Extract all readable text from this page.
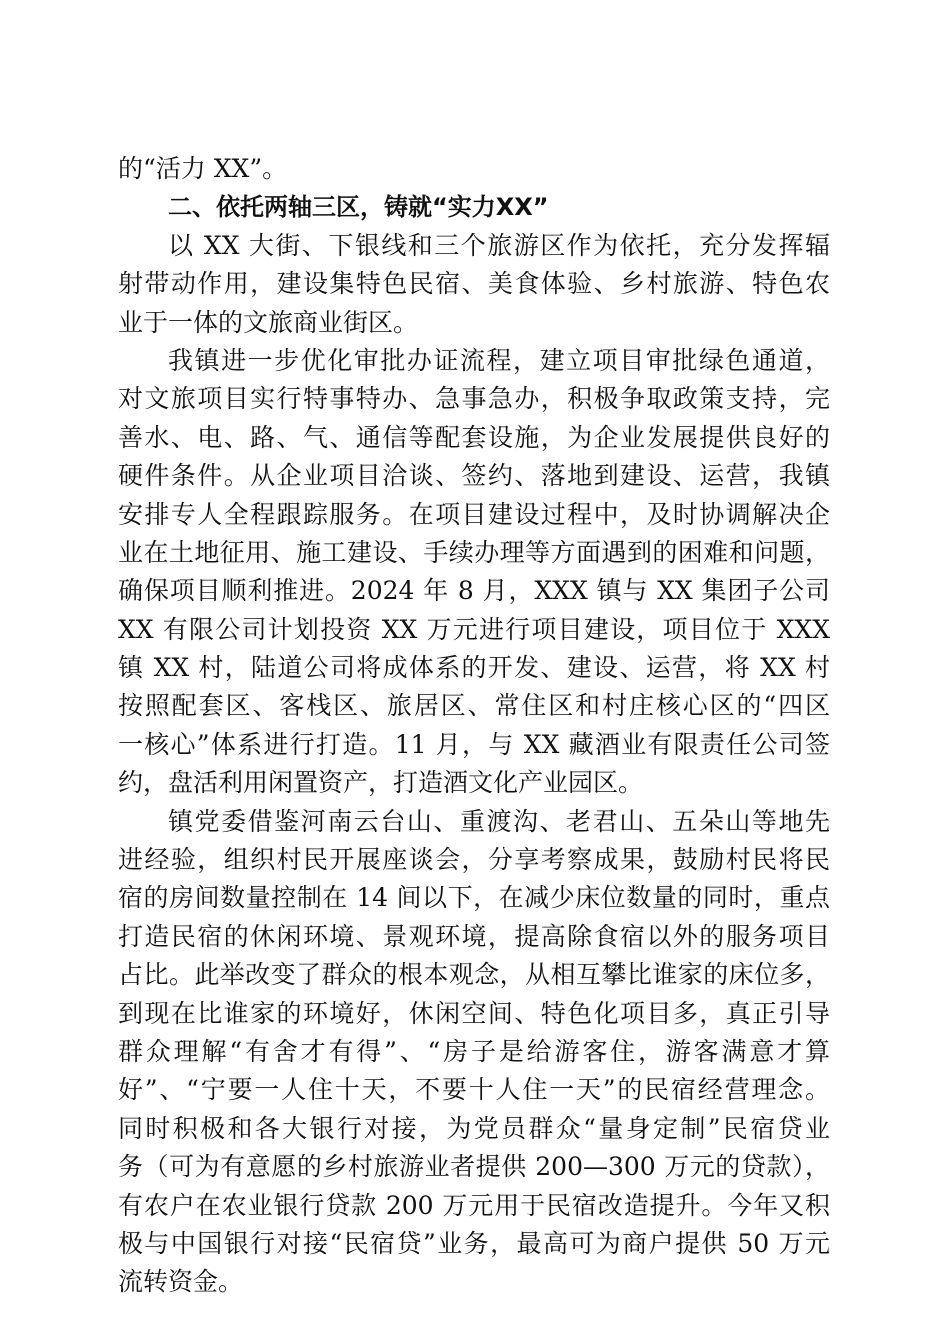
的“活力 XX”。
二、依托两轴三区，铸就“实力XX”
以 XX 大街、下银线和三个旅游区作为依托，充分发挥辐
射带动作用，建设集特色民宿、美食体验、乡村旅游、特色农
业于一体的文旅商业街区。
我镇进一步优化审批办证流程，建立项目审批绿色通道，
对文旅项目实行特事特办、急事急办，积极争取政策支持，完
善水、电、路、气、通信等配套设施，为企业发展提供良好的
硬件条件。从企业项目洽谈、签约、落地到建设、运营，我镇
安排专人全程跟踪服务。在项目建设过程中，及时协调解决企
业在土地征用、施工建设、手续办理等方面遇到的困难和问题，
确保项目顺利推进。2024 年 8 月，XXX 镇与 XX 集团子公司
XX 有限公司计划投资 XX 万元进行项目建设，项目位于 XXX
镇 XX 村，陆道公司将成体系的开发、建设、运营，将 XX 村
按照配套区、客栈区、旅居区、常住区和村庄核心区的“四区
一核心”体系进行打造。11 月，与 XX 藏酒业有限责任公司签
约，盘活利用闲置资产，打造酒文化产业园区。
镇党委借鉴河南云台山、重渡沟、老君山、五朵山等地先
进经验，组织村民开展座谈会，分享考察成果，鼓励村民将民
宿的房间数量控制在 14 间以下，在减少床位数量的同时，重点
打造民宿的休闲环境、景观环境，提高除食宿以外的服务项目
占比。此举改变了群众的根本观念，从相互攀比谁家的床位多，
到现在比谁家的环境好，休闲空间、特色化项目多，真正引导
群众理解“有舍才有得”、“房子是给游客住，游客满意才算
好”、“宁要一人住十天，不要十人住一天”的民宿经营理念。
同时积极和各大银行对接，为党员群众“量身定制”民宿贷业
务（可为有意愿的乡村旅游业者提供 200—300 万元的贷款），
有农户在农业银行贷款 200 万元用于民宿改造提升。今年又积
极与中国银行对接“民宿贷”业务，最高可为商户提供 50 万元
流转资金。
